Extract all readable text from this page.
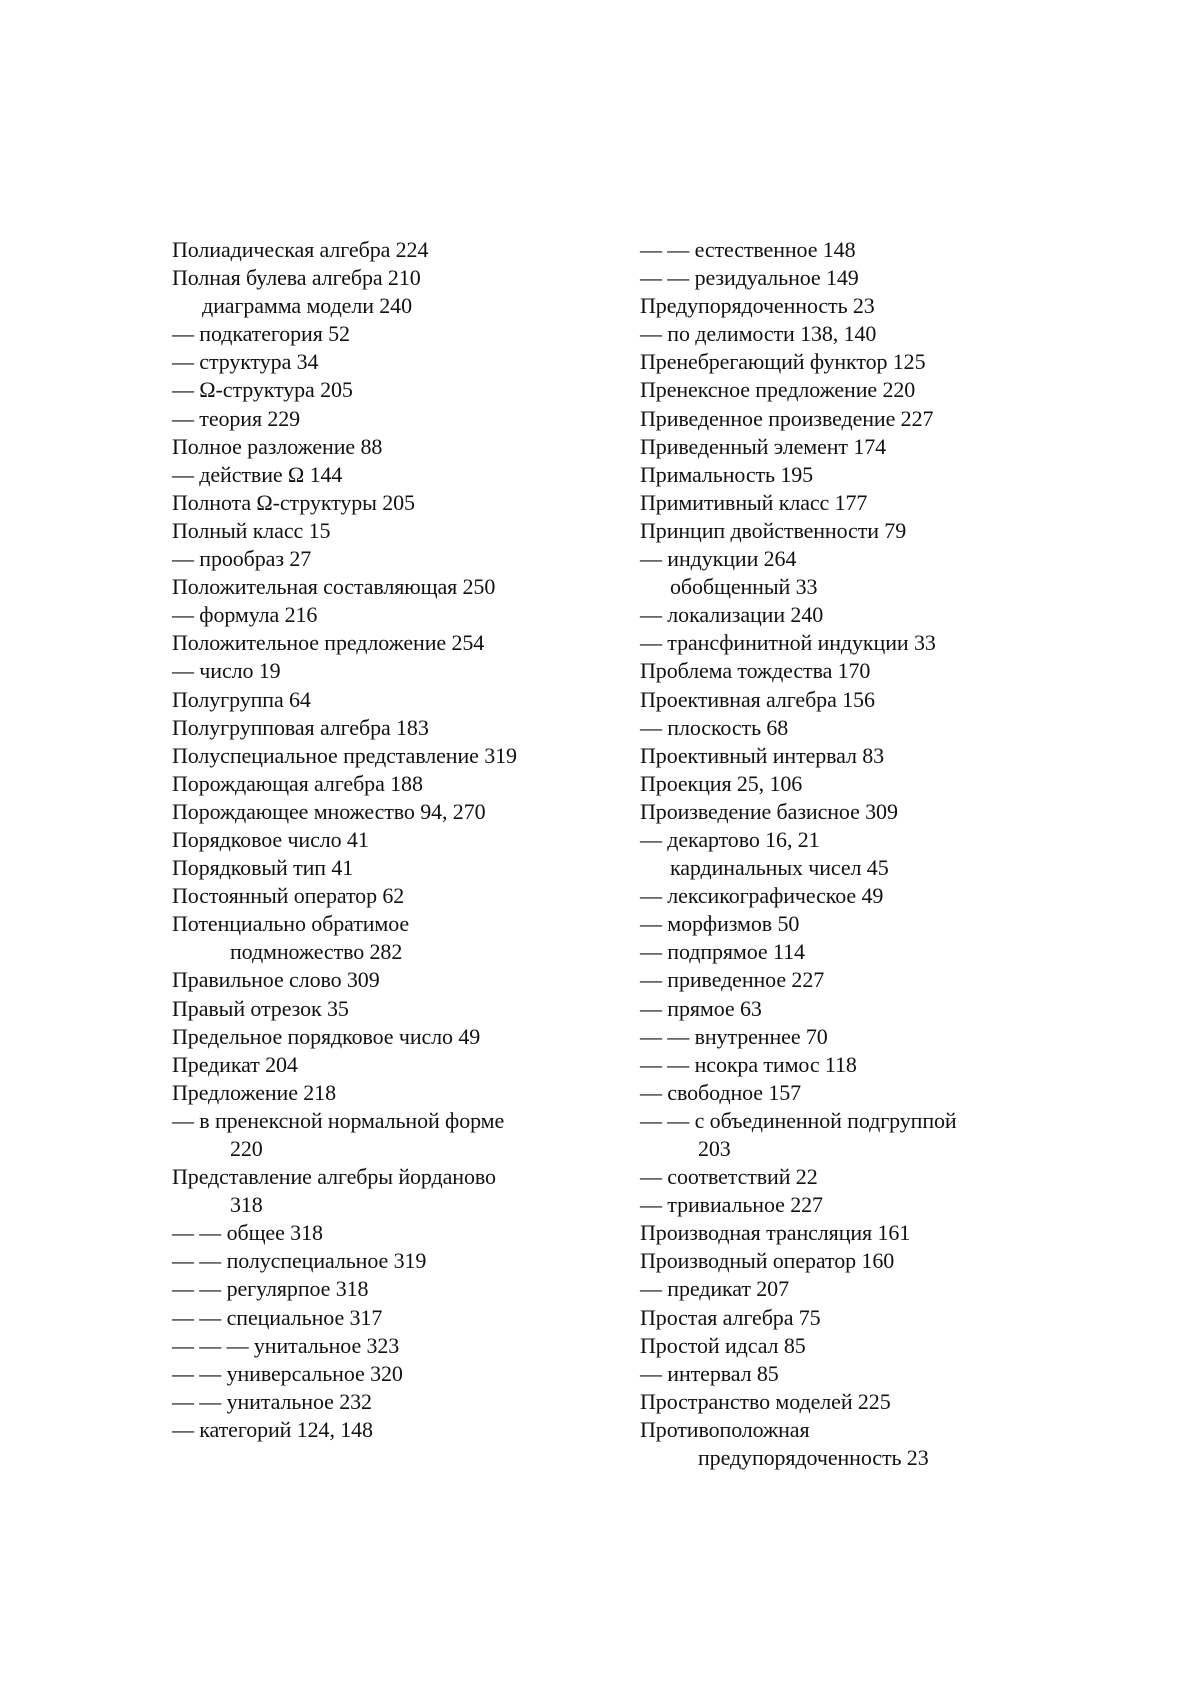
Полиадическая алгебра 224
Полная булева алгебра 210
диаграмма модели 240
— подкатегория 52
— структура 34
— Ω-структура 205
— теория 229
Полное разложение 88
— действие Ω 144
Полнота Ω-структуры 205
Полный класс 15
— прообраз 27
Положительная составляющая 250
— формула 216
Положительное предложение 254
— число 19
Полугруппа 64
Полугрупповая алгебра 183
Полуспециальное представление 319
Порождающая алгебра 188
Порождающее множество 94, 270
Порядковое число 41
Порядковый тип 41
Постоянный оператор 62
Потенциально обратимое
подмножество 282
Правильное слово 309
Правый отрезок 35
Предельное порядковое число 49
Предикат 204
Предложение 218
— в пренексной нормальной форме
220
Представление алгебры йорданово
318
— — общее 318
— — полуспециальное 319
— — регулярпое 318
— — специальное 317
— — — унитальное 323
— — универсальное 320
— — унитальное 232
— категорий 124, 148
— — естественное 148
— — резидуальное 149
Предупорядоченность 23
— по делимости 138, 140
Пренебрегающий функтор 125
Пренексное предложение 220
Приведенное произведение 227
Приведенный элемент 174
Примальность 195
Примитивный класс 177
Принцип двойственности 79
— индукции 264
обобщенный 33
— локализации 240
— трансфинитной индукции 33
Проблема тождества 170
Проективная алгебра 156
— плоскость 68
Проективный интервал 83
Проекция 25, 106
Произведение базисное 309
— декартово 16, 21
кардинальных чисел 45
— лексикографическое 49
— морфизмов 50
— подпрямое 114
— приведенное 227
— прямое 63
— — внутреннее 70
— — нсокра тимос 118
— свободное 157
— — с объединенной подгруппой
203
— соответствий 22
— тривиальное 227
Производная трансляция 161
Производный оператор 160
— предикат 207
Простая алгебра 75
Простой идсал 85
— интервал 85
Пространство моделей 225
Противоположная
предупорядоченность 23
